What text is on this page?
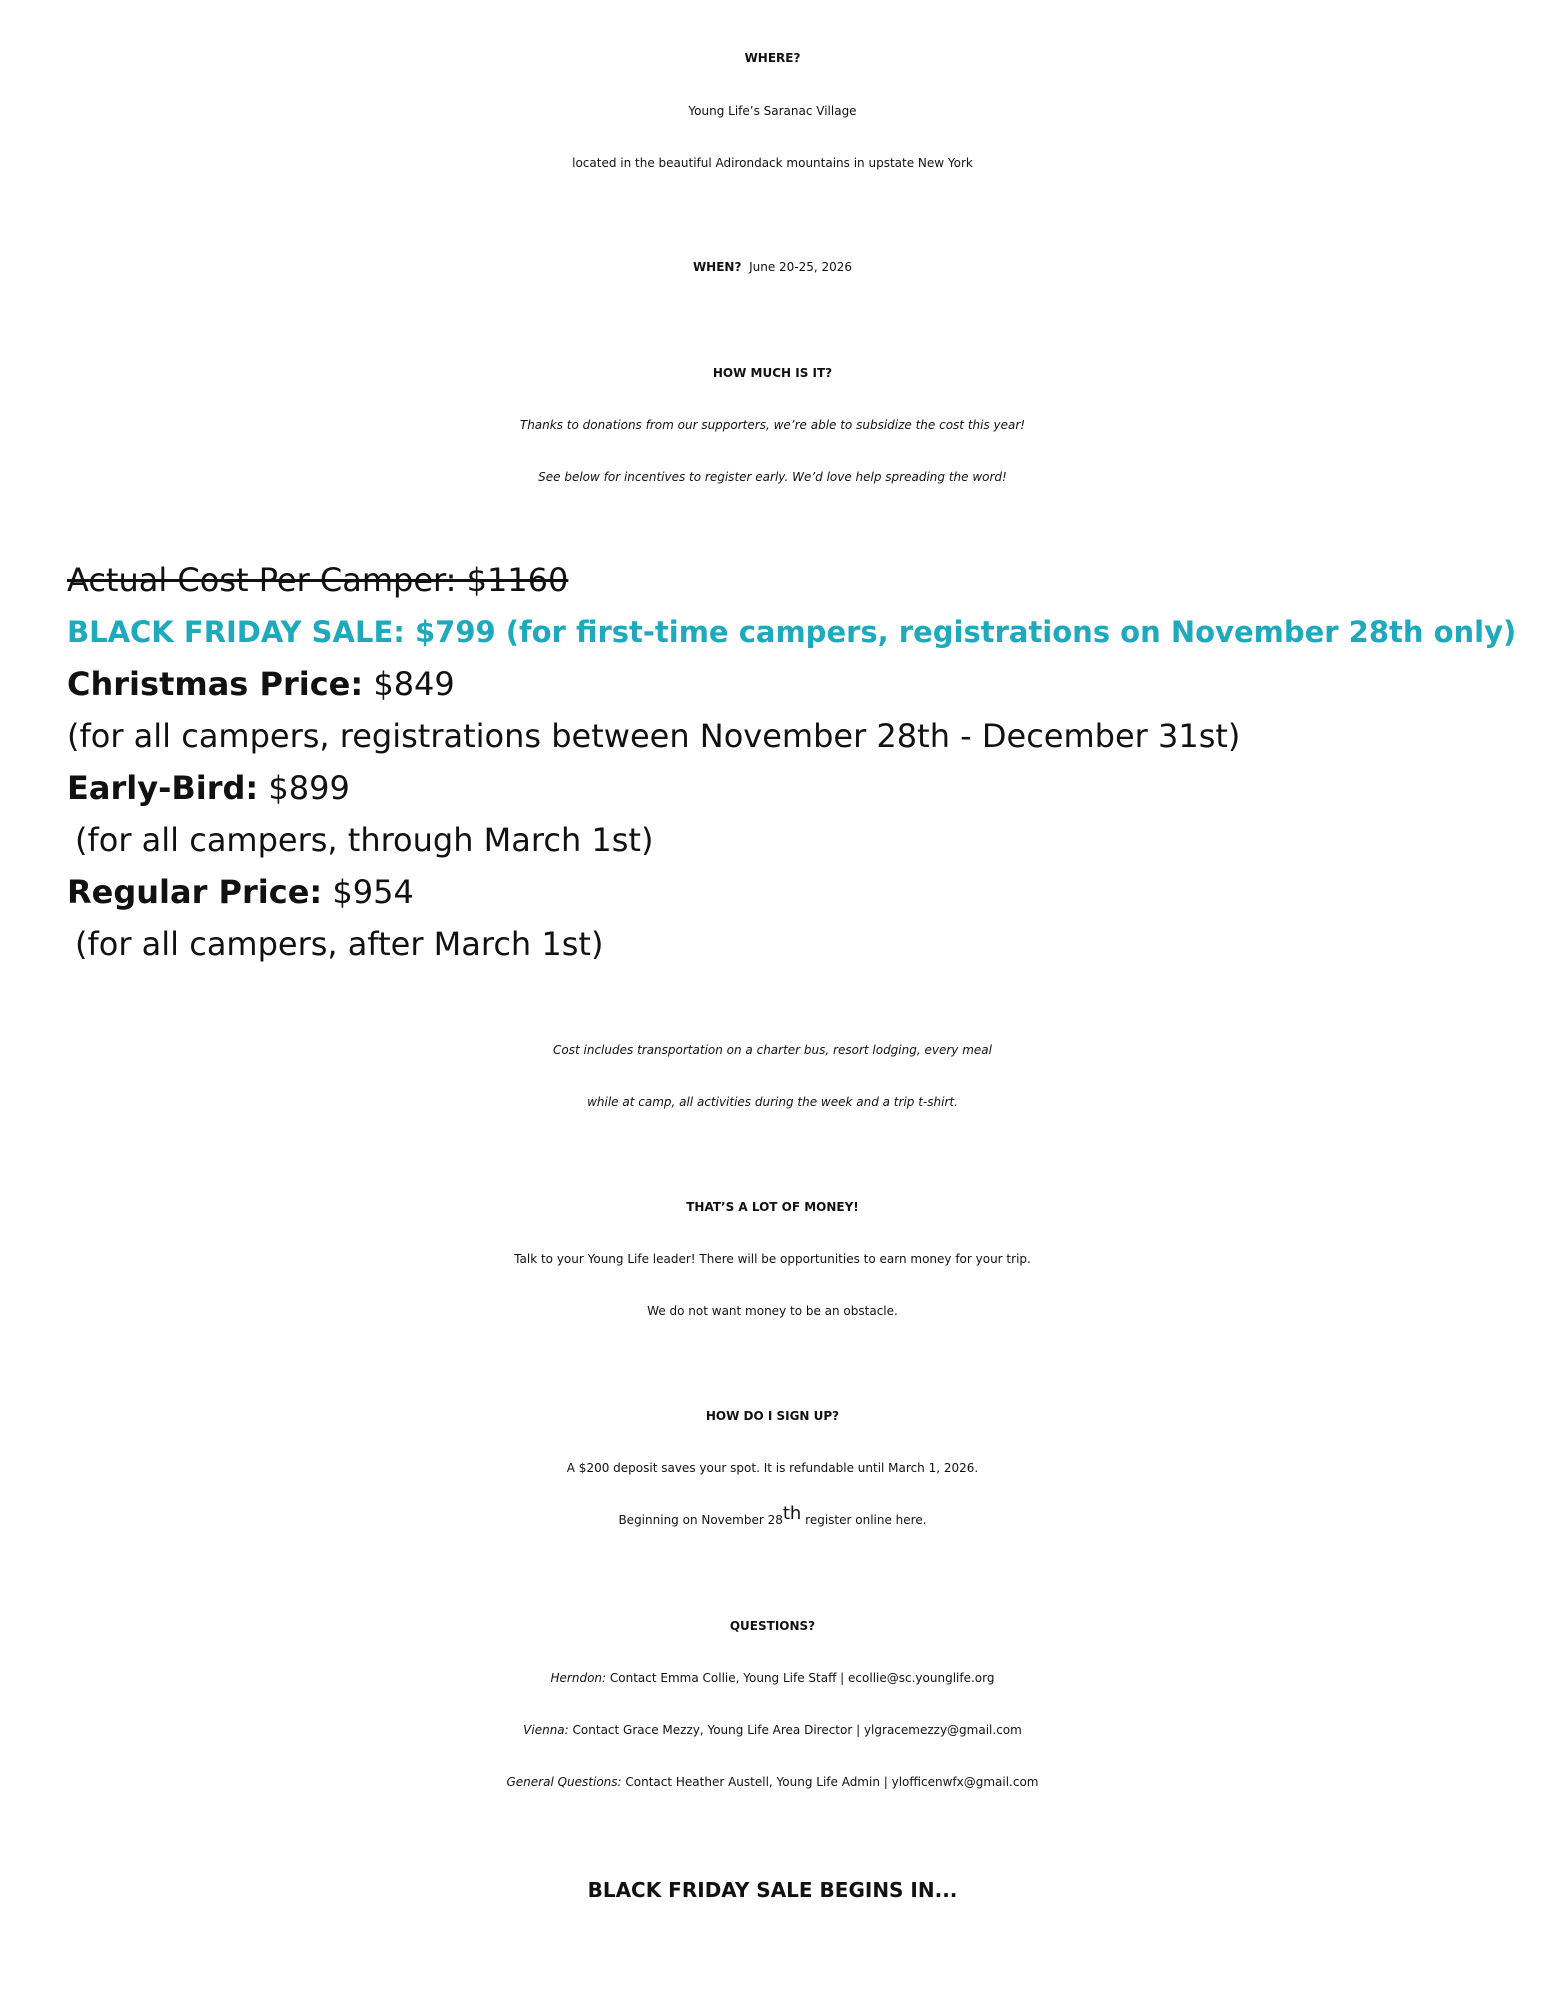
WHERE?
Young Life’s Saranac Village
located in the beautiful Adirondack mountains in upstate New York
WHEN? June 20-25, 2026
HOW MUCH IS IT?
Thanks to donations from our supporters, we’re able to subsidize the cost this year!
See below for incentives to register early. We’d love help spreading the word!
Actual Cost Per Camper: $1160
BLACK FRIDAY SALE: $799 (for first-time campers, registrations on November 28th only)
Christmas Price: $849
(for all campers, registrations between November 28th - December 31st)
Early-Bird: $899
(for all campers, through March 1st)
Regular Price: $954
(for all campers, after March 1st)
Cost includes transportation on a charter bus, resort lodging, every meal
while at camp, all activities during the week and a trip t-shirt.
THAT’S A LOT OF MONEY!
Talk to your Young Life leader! There will be opportunities to earn money for your trip.
We do not want money to be an obstacle.
HOW DO I SIGN UP?
A $200 deposit saves your spot. It is refundable until March 1, 2026.
Beginning on November 28th register online here.
QUESTIONS?
Herndon: Contact Emma Collie, Young Life Staff | ecollie@sc.younglife.org
Vienna: Contact Grace Mezzy, Young Life Area Director | ylgracemezzy@gmail.com
General Questions: Contact Heather Austell, Young Life Admin | ylofficenwfx@gmail.com
BLACK FRIDAY SALE BEGINS IN...
